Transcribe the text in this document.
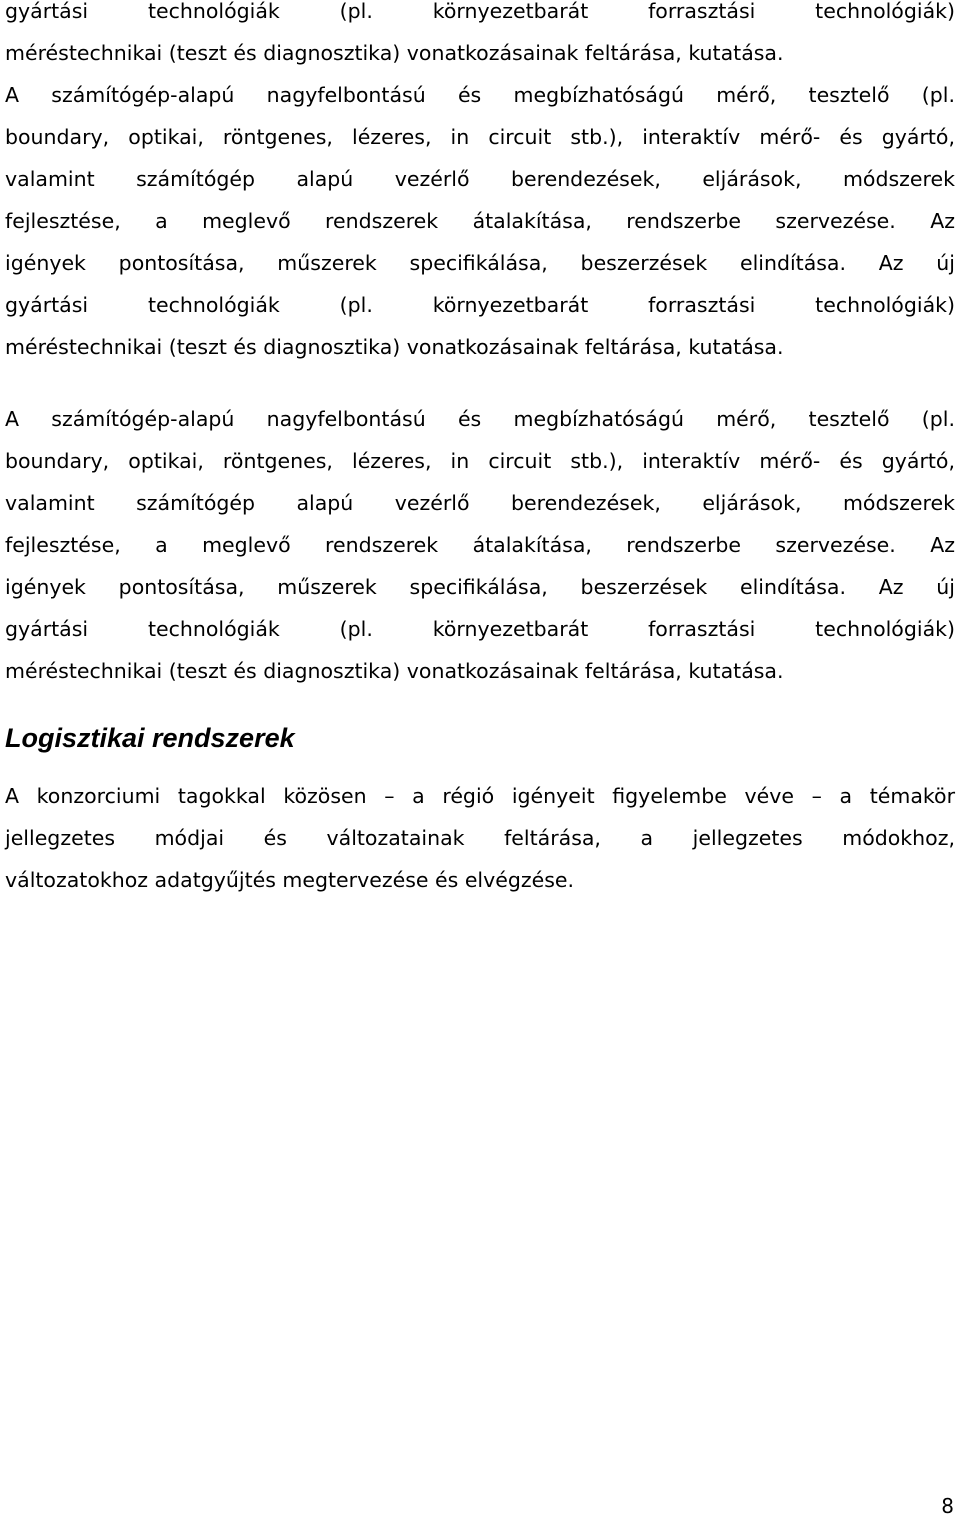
gyártási technológiák (pl. környezetbarát forrasztási technológiák)
méréstechnikai (teszt és diagnosztika) vonatkozásainak feltárása, kutatása.
A számítógép-alapú nagyfelbontású és megbízhatóságú mérő, tesztelő (pl.
boundary, optikai, röntgenes, lézeres, in circuit stb.), interaktív mérő- és gyártó,
valamint számítógép alapú vezérlő berendezések, eljárások, módszerek
fejlesztése, a meglevő rendszerek átalakítása, rendszerbe szervezése. Az
igények pontosítása, műszerek specifikálása, beszerzések elindítása. Az új
gyártási technológiák (pl. környezetbarát forrasztási technológiák)
méréstechnikai (teszt és diagnosztika) vonatkozásainak feltárása, kutatása.
A számítógép-alapú nagyfelbontású és megbízhatóságú mérő, tesztelő (pl.
boundary, optikai, röntgenes, lézeres, in circuit stb.), interaktív mérő- és gyártó,
valamint számítógép alapú vezérlő berendezések, eljárások, módszerek
fejlesztése, a meglevő rendszerek átalakítása, rendszerbe szervezése. Az
igények pontosítása, műszerek specifikálása, beszerzések elindítása. Az új
gyártási technológiák (pl. környezetbarát forrasztási technológiák)
méréstechnikai (teszt és diagnosztika) vonatkozásainak feltárása, kutatása.
Logisztikai rendszerek
A konzorciumi tagokkal közösen – a régió igényeit figyelembe véve – a témakör
jellegzetes módjai és változatainak feltárása, a jellegzetes módokhoz,
változatokhoz adatgyűjtés megtervezése és elvégzése.
8
